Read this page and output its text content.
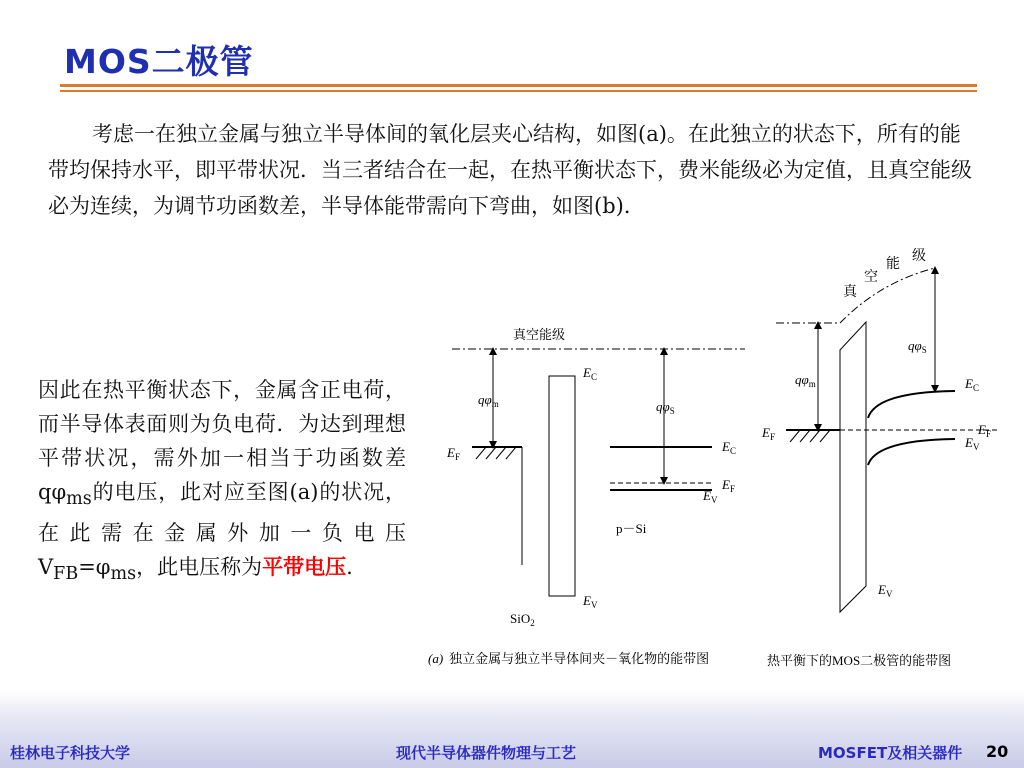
MOS二极管
考虑一在独立金属与独立半导体间的氧化层夹心结构，如图(a)。在此独立的状态下，所有的能带均保持水平，即平带状况．当三者结合在一起，在热平衡状态下，费米能级必为定值，且真空能级必为连续，为调节功函数差，半导体能带需向下弯曲，如图(b)．
因此在热平衡状态下，金属含正电荷，而半导体表面则为负电荷．为达到理想平带状况，需外加一相当于功函数差$q\varphi_{ms}$的电压，此对应至图(a)的状况，在此需在金属外加一负电压$V_{FB}=\varphi_{ms}$，此电压称为平带电压.
真空能级
$q\varphi_m$
$E_F$
$E_C$
$E_V$
SiO$_2$
$q\varphi_S$
$E_C$
$E_F$
$E_V$
p－Si
(a) 独立金属与独立半导体间夹－氧化物的能带图
真
空
能
级
$q\varphi_m$
$E_F$
$q\varphi_S$
$E_C$
$E_F$
$E_V$
$E_V$
热平衡下的MOS二极管的能带图
桂林电子科技大学	现代半导体器件物理与工艺	MOSFET及相关器件 20
